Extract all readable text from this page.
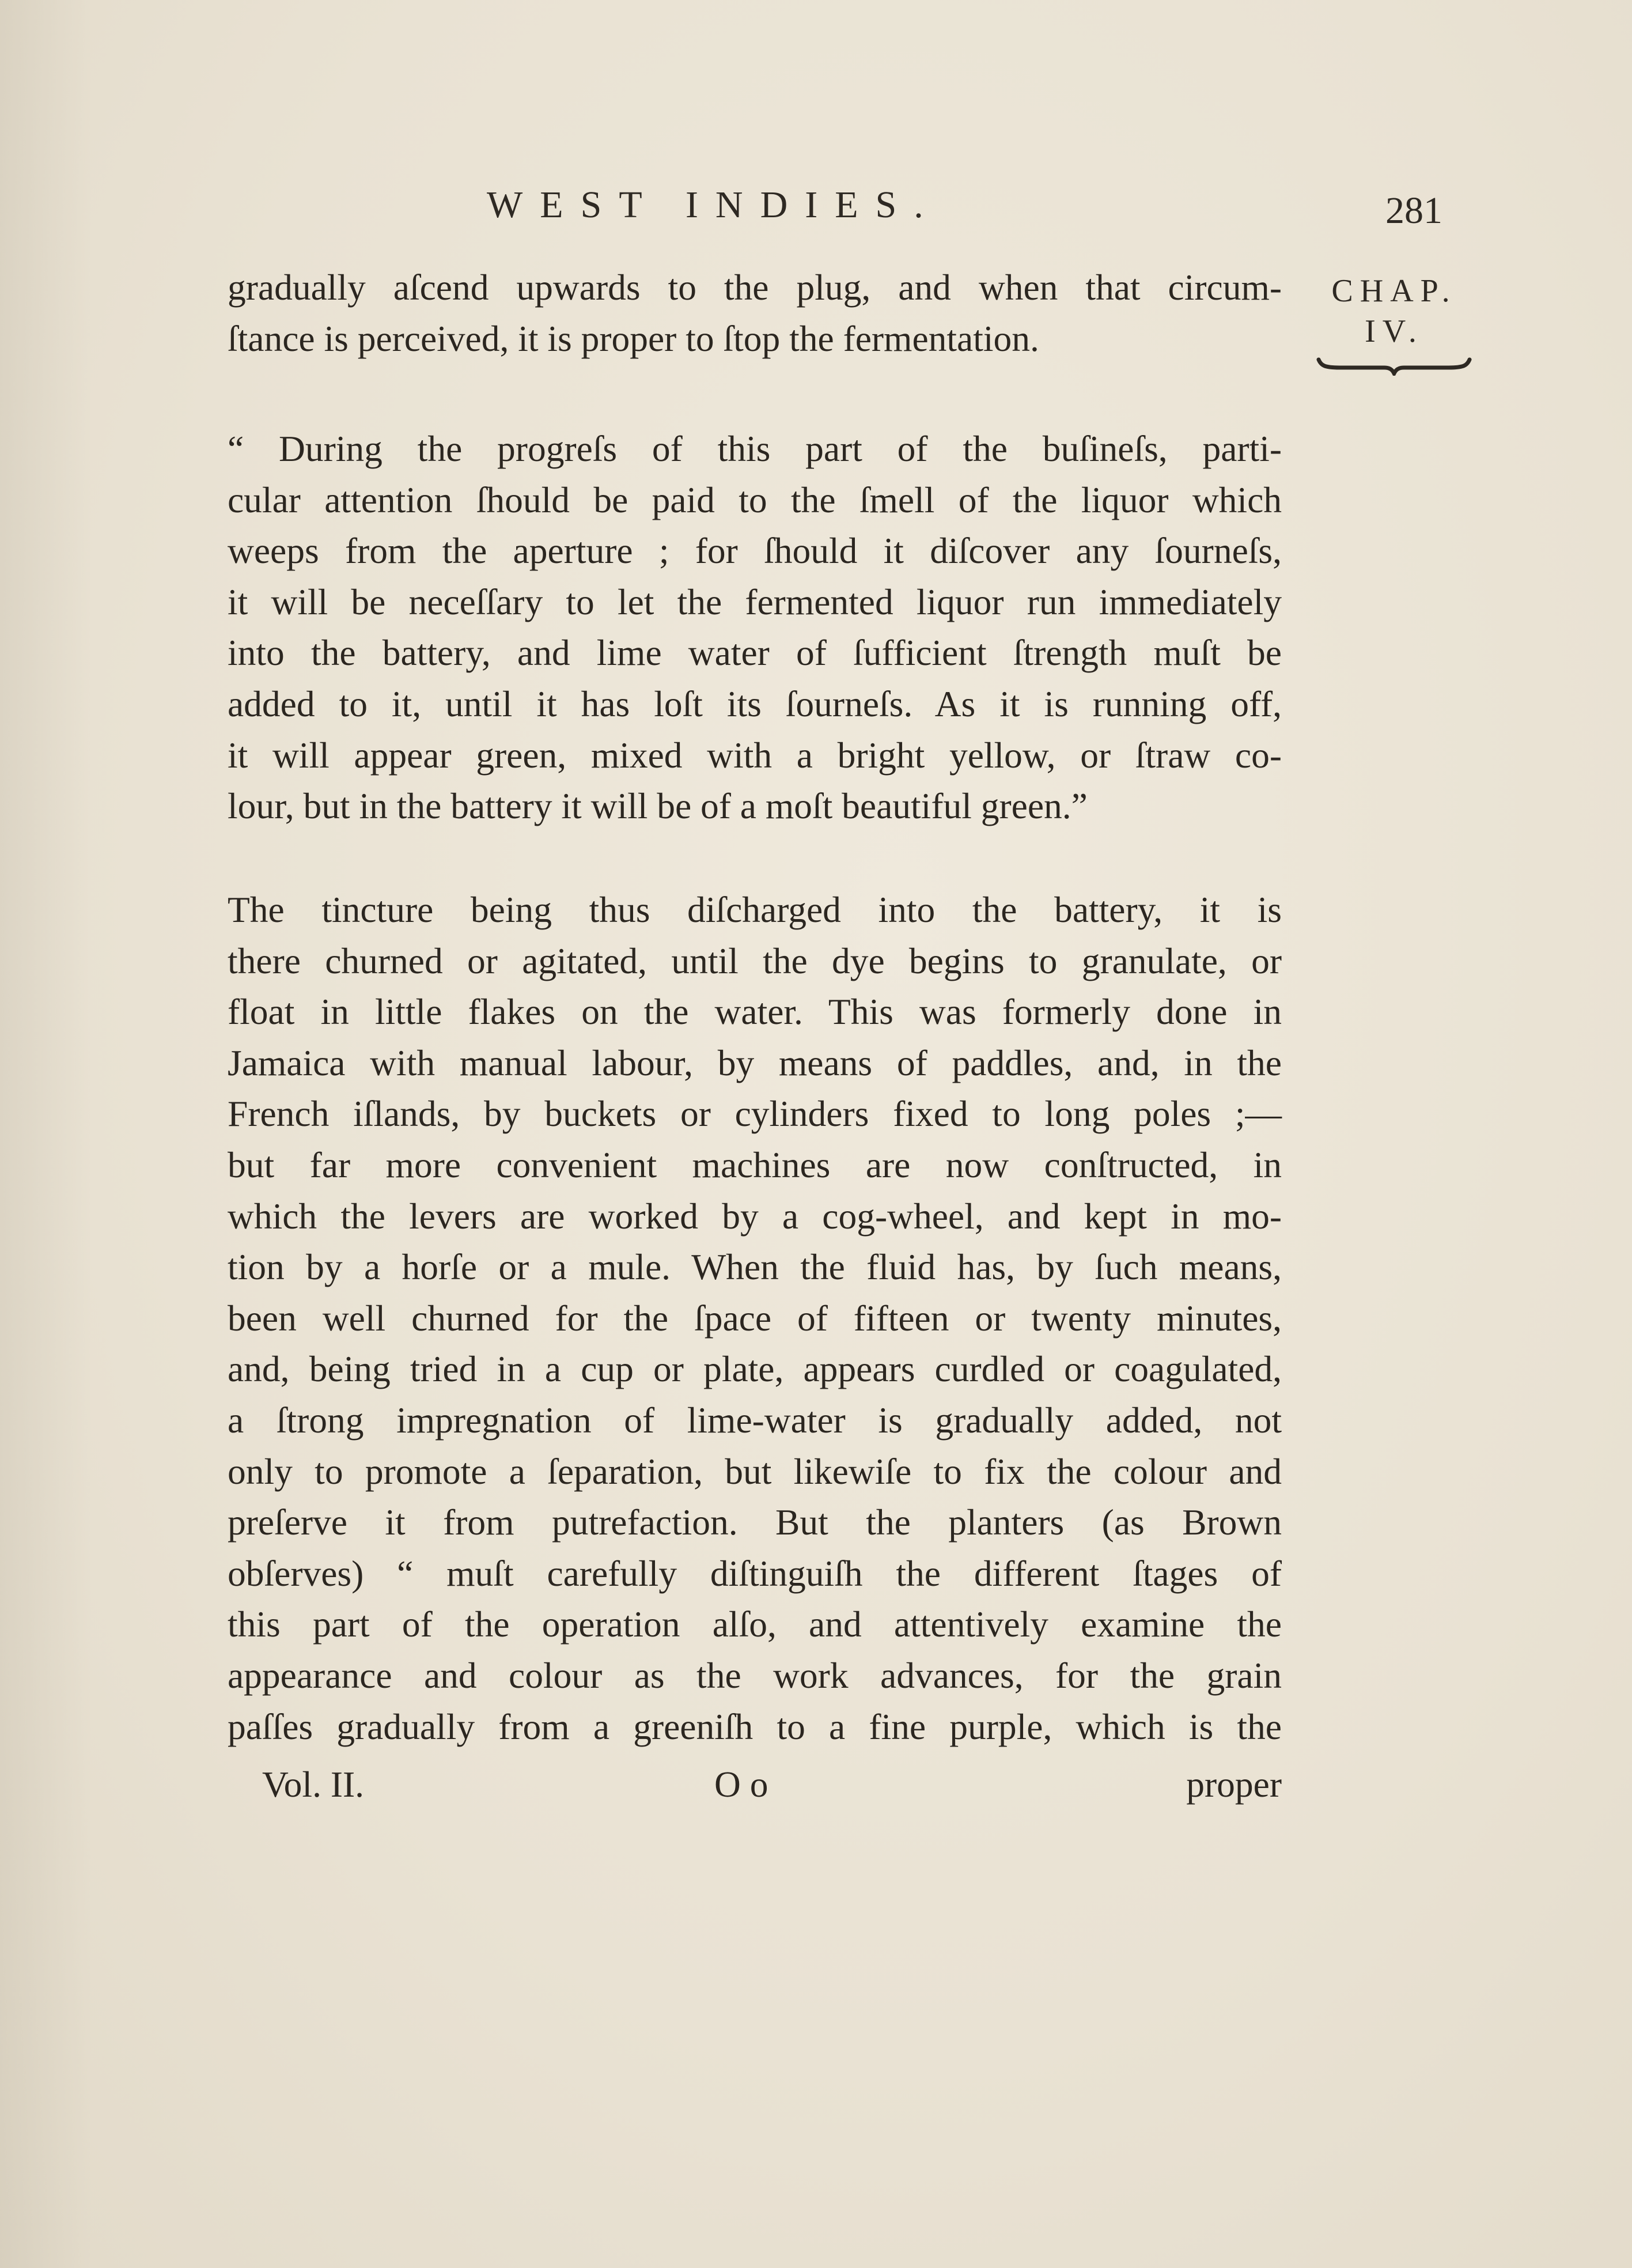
WEST INDIES.	281
CHAP.
IV.
gradually aſcend upwards to the plug, and when that circum-
ſtance is perceived, it is proper to ſtop the fermentation.
“ During the progreſs of this part of the buſineſs, parti-
cular attention ſhould be paid to the ſmell of the liquor which
weeps from the aperture ; for ſhould it diſcover any ſourneſs,
it will be neceſſary to let the fermented liquor run immediately
into the battery, and lime water of ſufficient ſtrength muſt be
added to it, until it has loſt its ſourneſs. As it is running off,
it will appear green, mixed with a bright yellow, or ſtraw co-
lour, but in the battery it will be of a moſt beautiful green.”
The tincture being thus diſcharged into the battery, it is
there churned or agitated, until the dye begins to granulate, or
float in little flakes on the water. This was formerly done in
Jamaica with manual labour, by means of paddles, and, in the
French iſlands, by buckets or cylinders fixed to long poles ;—
but far more convenient machines are now conſtructed, in
which the levers are worked by a cog-wheel, and kept in mo-
tion by a horſe or a mule. When the fluid has, by ſuch means,
been well churned for the ſpace of fifteen or twenty minutes,
and, being tried in a cup or plate, appears curdled or coagulated,
a ſtrong impregnation of lime-water is gradually added, not
only to promote a ſeparation, but likewiſe to fix the colour and
preſerve it from putrefaction. But the planters (as Brown
obſerves) “ muſt carefully diſtinguiſh the different ſtages of
this part of the operation alſo, and attentively examine the
appearance and colour as the work advances, for the grain
paſſes gradually from a greeniſh to a fine purple, which is the
Vol. II.	O o	proper
